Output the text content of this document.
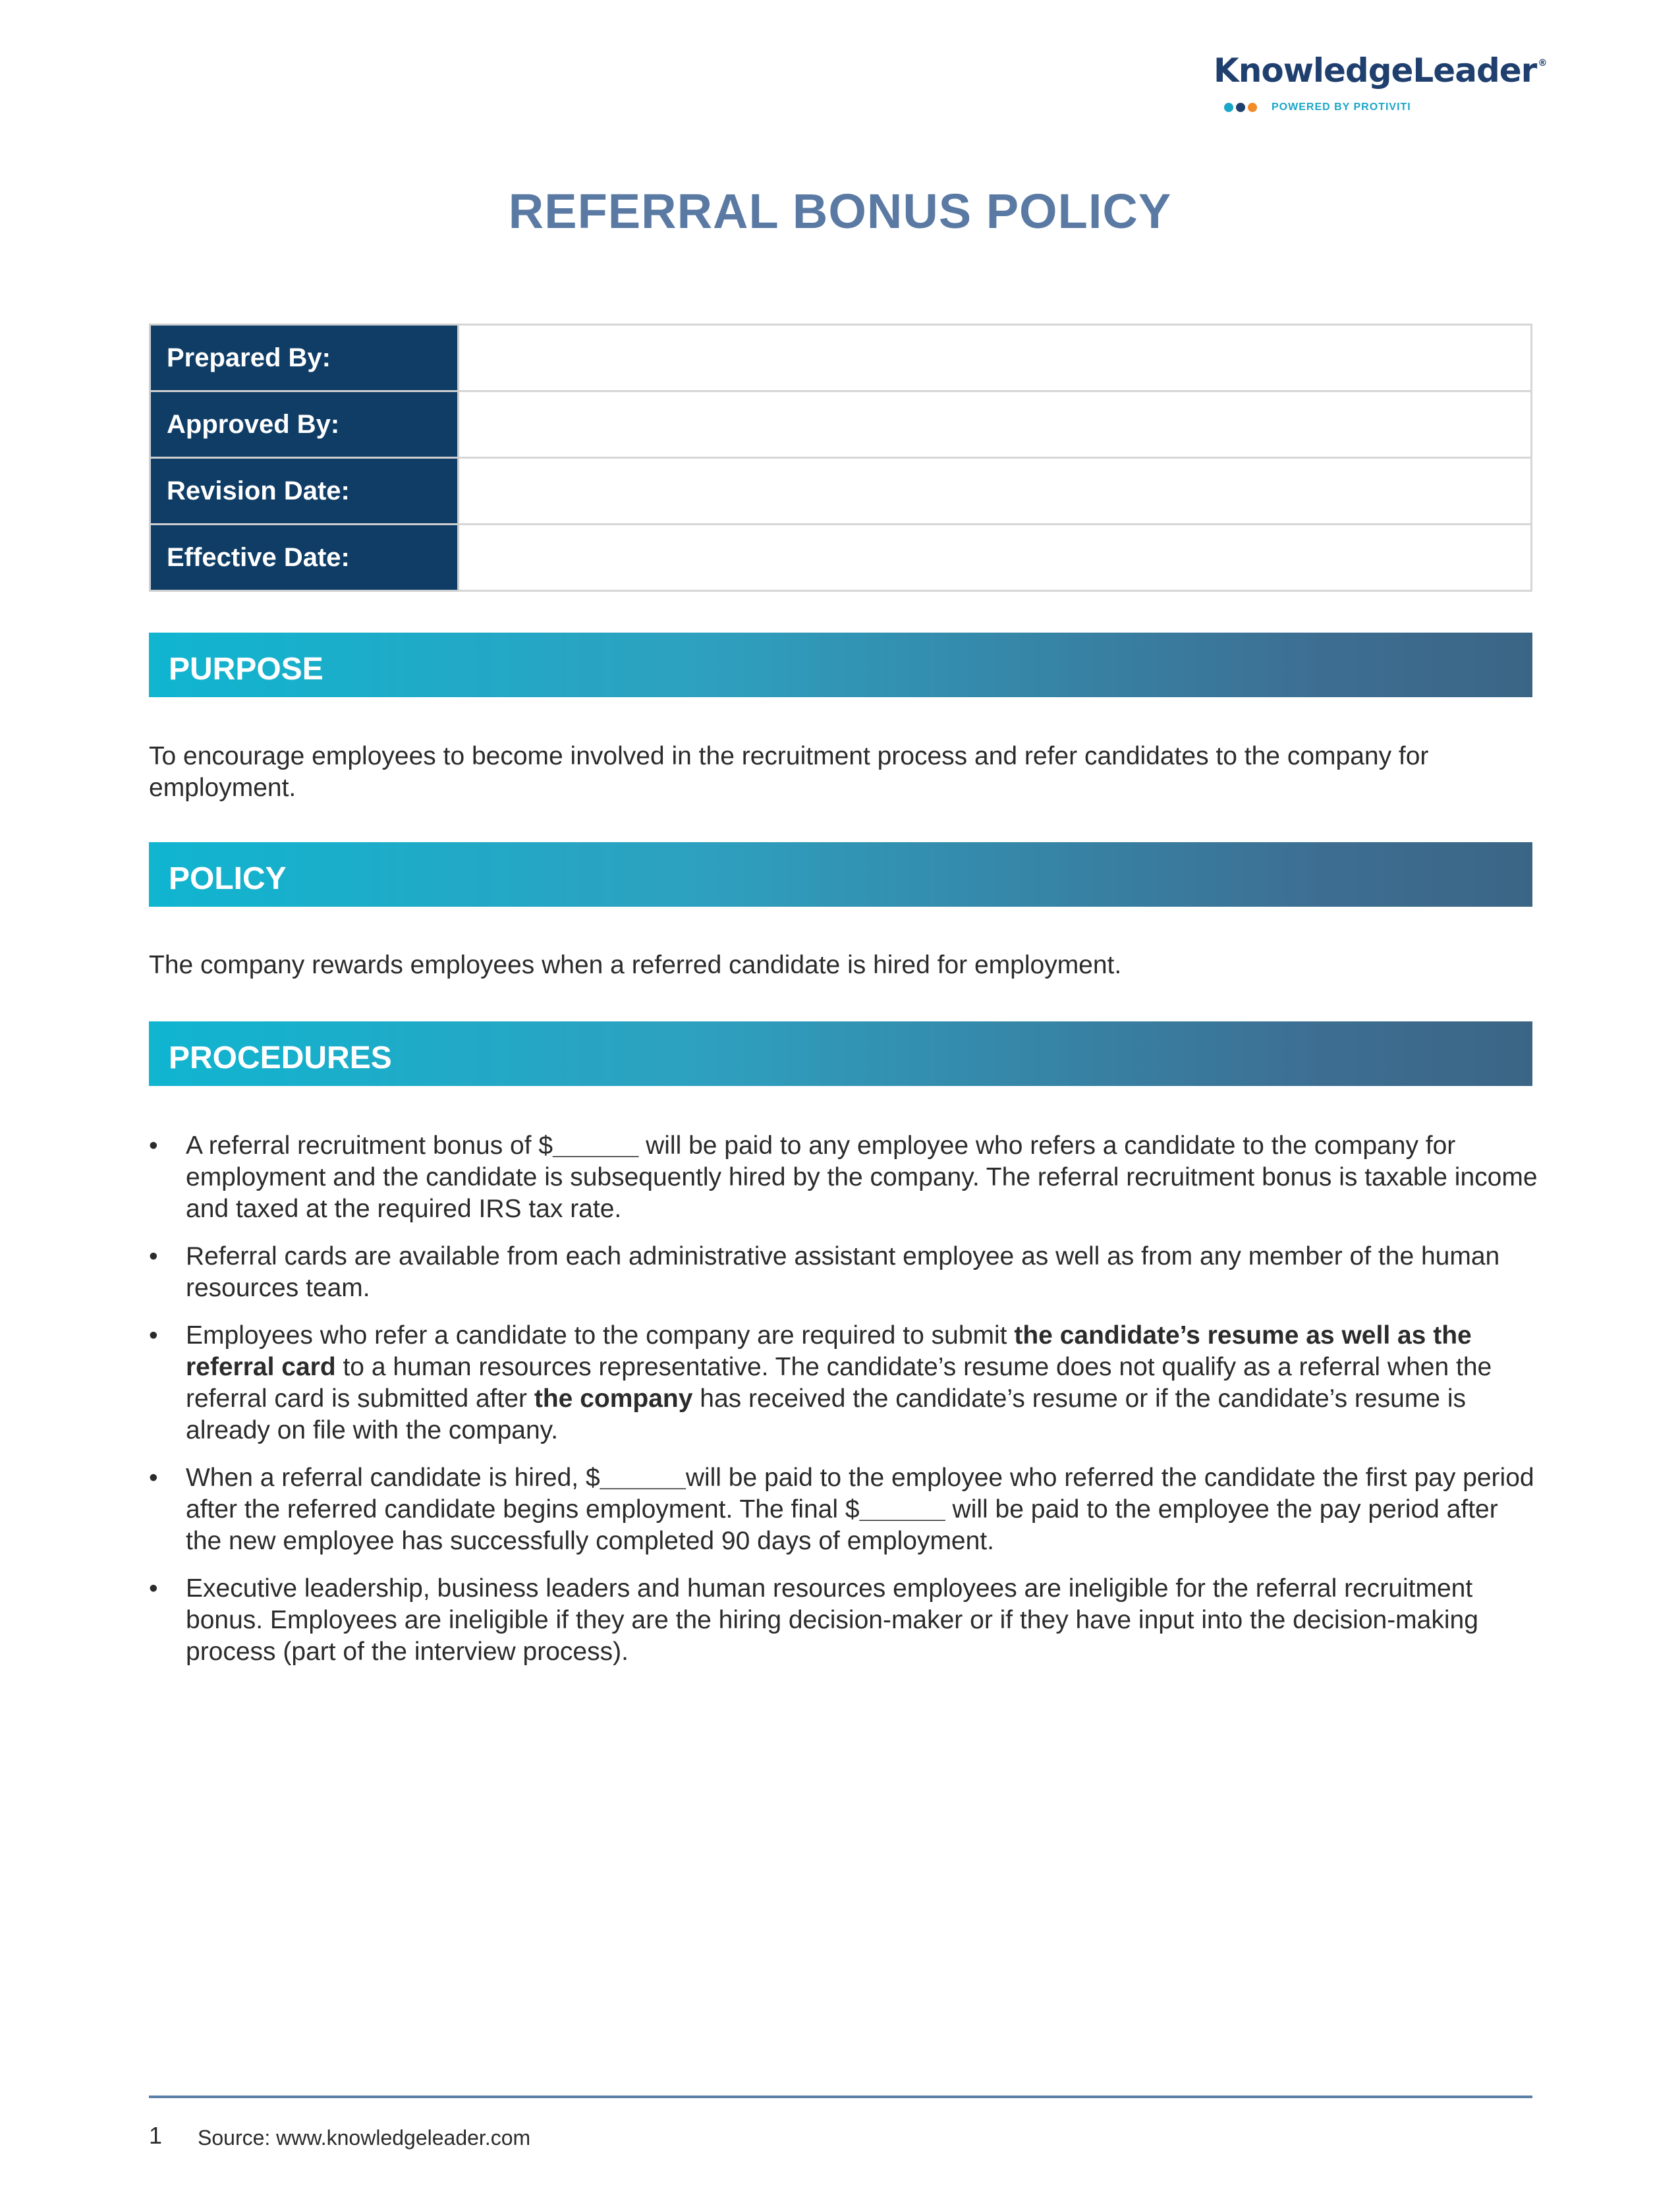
KnowledgeLeader ®
POWERED BY PROTIVITI
REFERRAL BONUS POLICY
Prepared By:	
Approved By:	
Revision Date:	
Effective Date:	
PURPOSE
To encourage employees to become involved in the recruitment process and refer candidates to the company for employment.
POLICY
The company rewards employees when a referred candidate is hired for employment.
PROCEDURES
• A referral recruitment bonus of $______ will be paid to any employee who refers a candidate to the company for employment and the candidate is subsequently hired by the company. The referral recruitment bonus is taxable income and taxed at the required IRS tax rate.
• Referral cards are available from each administrative assistant employee as well as from any member of the human resources team.
• Employees who refer a candidate to the company are required to submit the candidate’s resume as well as the referral card to a human resources representative. The candidate’s resume does not qualify as a referral when the referral card is submitted after the company has received the candidate’s resume or if the candidate’s resume is already on file with the company.
• When a referral candidate is hired, $______will be paid to the employee who referred the candidate the first pay period after the referred candidate begins employment. The final $______ will be paid to the employee the pay period after the new employee has successfully completed 90 days of employment.
• Executive leadership, business leaders and human resources employees are ineligible for the referral recruitment bonus. Employees are ineligible if they are the hiring decision-maker or if they have input into the decision-making process (part of the interview process).
1 Source: www.knowledgeleader.com
